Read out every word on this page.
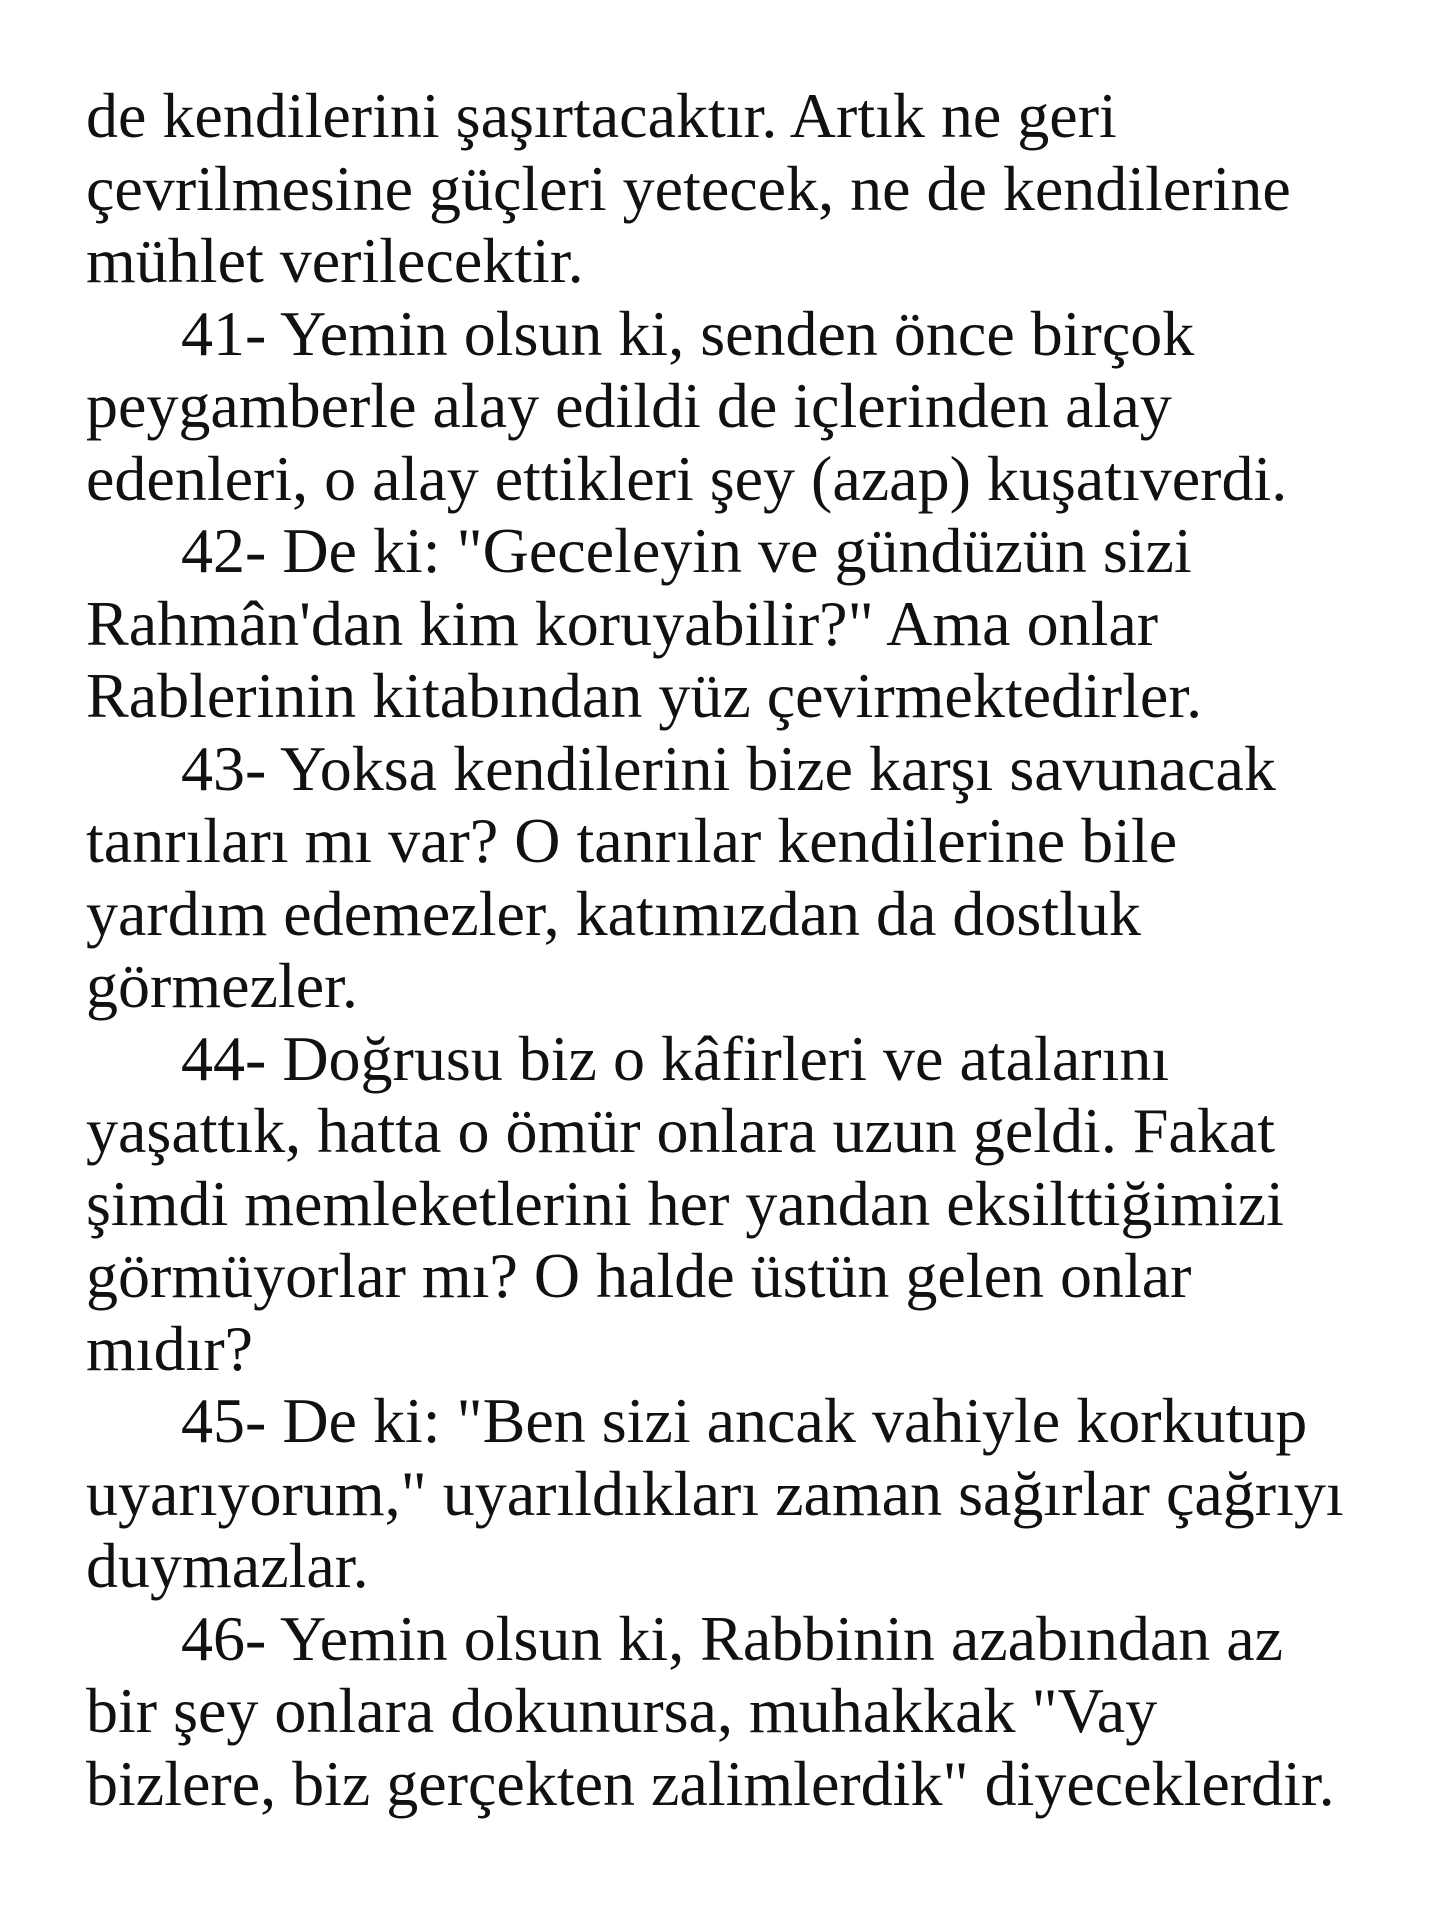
de kendilerini şaşırtacaktır. Artık ne geri
çevrilmesine güçleri yetecek, ne de kendilerine
mühlet verilecektir.
41- Yemin olsun ki, senden önce birçok
peygamberle alay edildi de içlerinden alay
edenleri, o alay ettikleri şey (azap) kuşatıverdi.
42- De ki: "Geceleyin ve gündüzün sizi
Rahmân'dan kim koruyabilir?" Ama onlar
Rablerinin kitabından yüz çevirmektedirler.
43- Yoksa kendilerini bize karşı savunacak
tanrıları mı var? O tanrılar kendilerine bile
yardım edemezler, katımızdan da dostluk
görmezler.
44- Doğrusu biz o kâfirleri ve atalarını
yaşattık, hatta o ömür onlara uzun geldi. Fakat
şimdi memleketlerini her yandan eksilttiğimizi
görmüyorlar mı? O halde üstün gelen onlar
mıdır?
45- De ki: "Ben sizi ancak vahiyle korkutup
uyarıyorum," uyarıldıkları zaman sağırlar çağrıyı
duymazlar.
46- Yemin olsun ki, Rabbinin azabından az
bir şey onlara dokunursa, muhakkak "Vay
bizlere, biz gerçekten zalimlerdik" diyeceklerdir.
